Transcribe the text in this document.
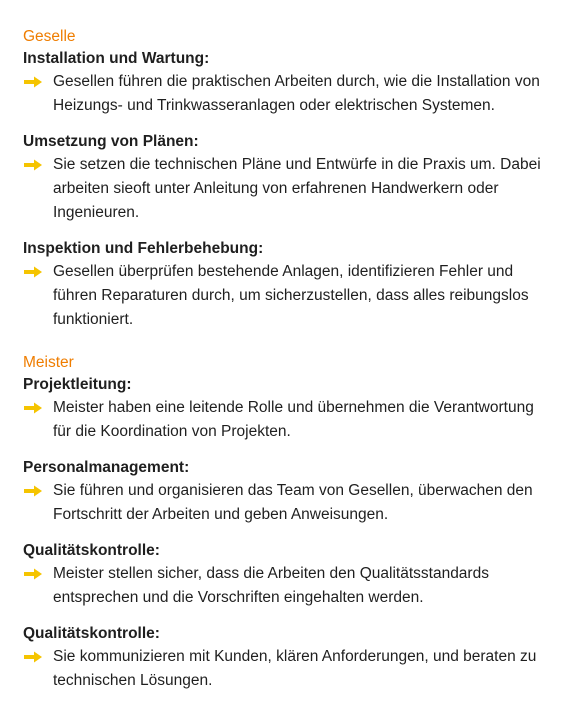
Geselle
Installation und Wartung:
Gesellen führen die praktischen Arbeiten durch, wie die Installation von Heizungs- und Trinkwasseranlagen oder elektrischen Systemen.
Umsetzung von Plänen:
Sie setzen die technischen Pläne und Entwürfe in die Praxis um. Dabei arbeiten sieoft unter Anleitung von erfahrenen Handwerkern oder Ingenieuren.
Inspektion und Fehlerbehebung:
Gesellen überprüfen bestehende Anlagen, identifizieren Fehler und führen Reparaturen durch, um sicherzustellen, dass alles reibungslos funktioniert.
Meister
Projektleitung:
Meister haben eine leitende Rolle und übernehmen die Verantwortung für die Koordination von Projekten.
Personalmanagement:
Sie führen und organisieren das Team von Gesellen, überwachen den Fortschritt der Arbeiten und geben Anweisungen.
Qualitätskontrolle:
Meister stellen sicher, dass die Arbeiten den Qualitätsstandards entsprechen und die Vorschriften eingehalten werden.
Qualitätskontrolle:
Sie kommunizieren mit Kunden, klären Anforderungen, und beraten zu technischen Lösungen.
